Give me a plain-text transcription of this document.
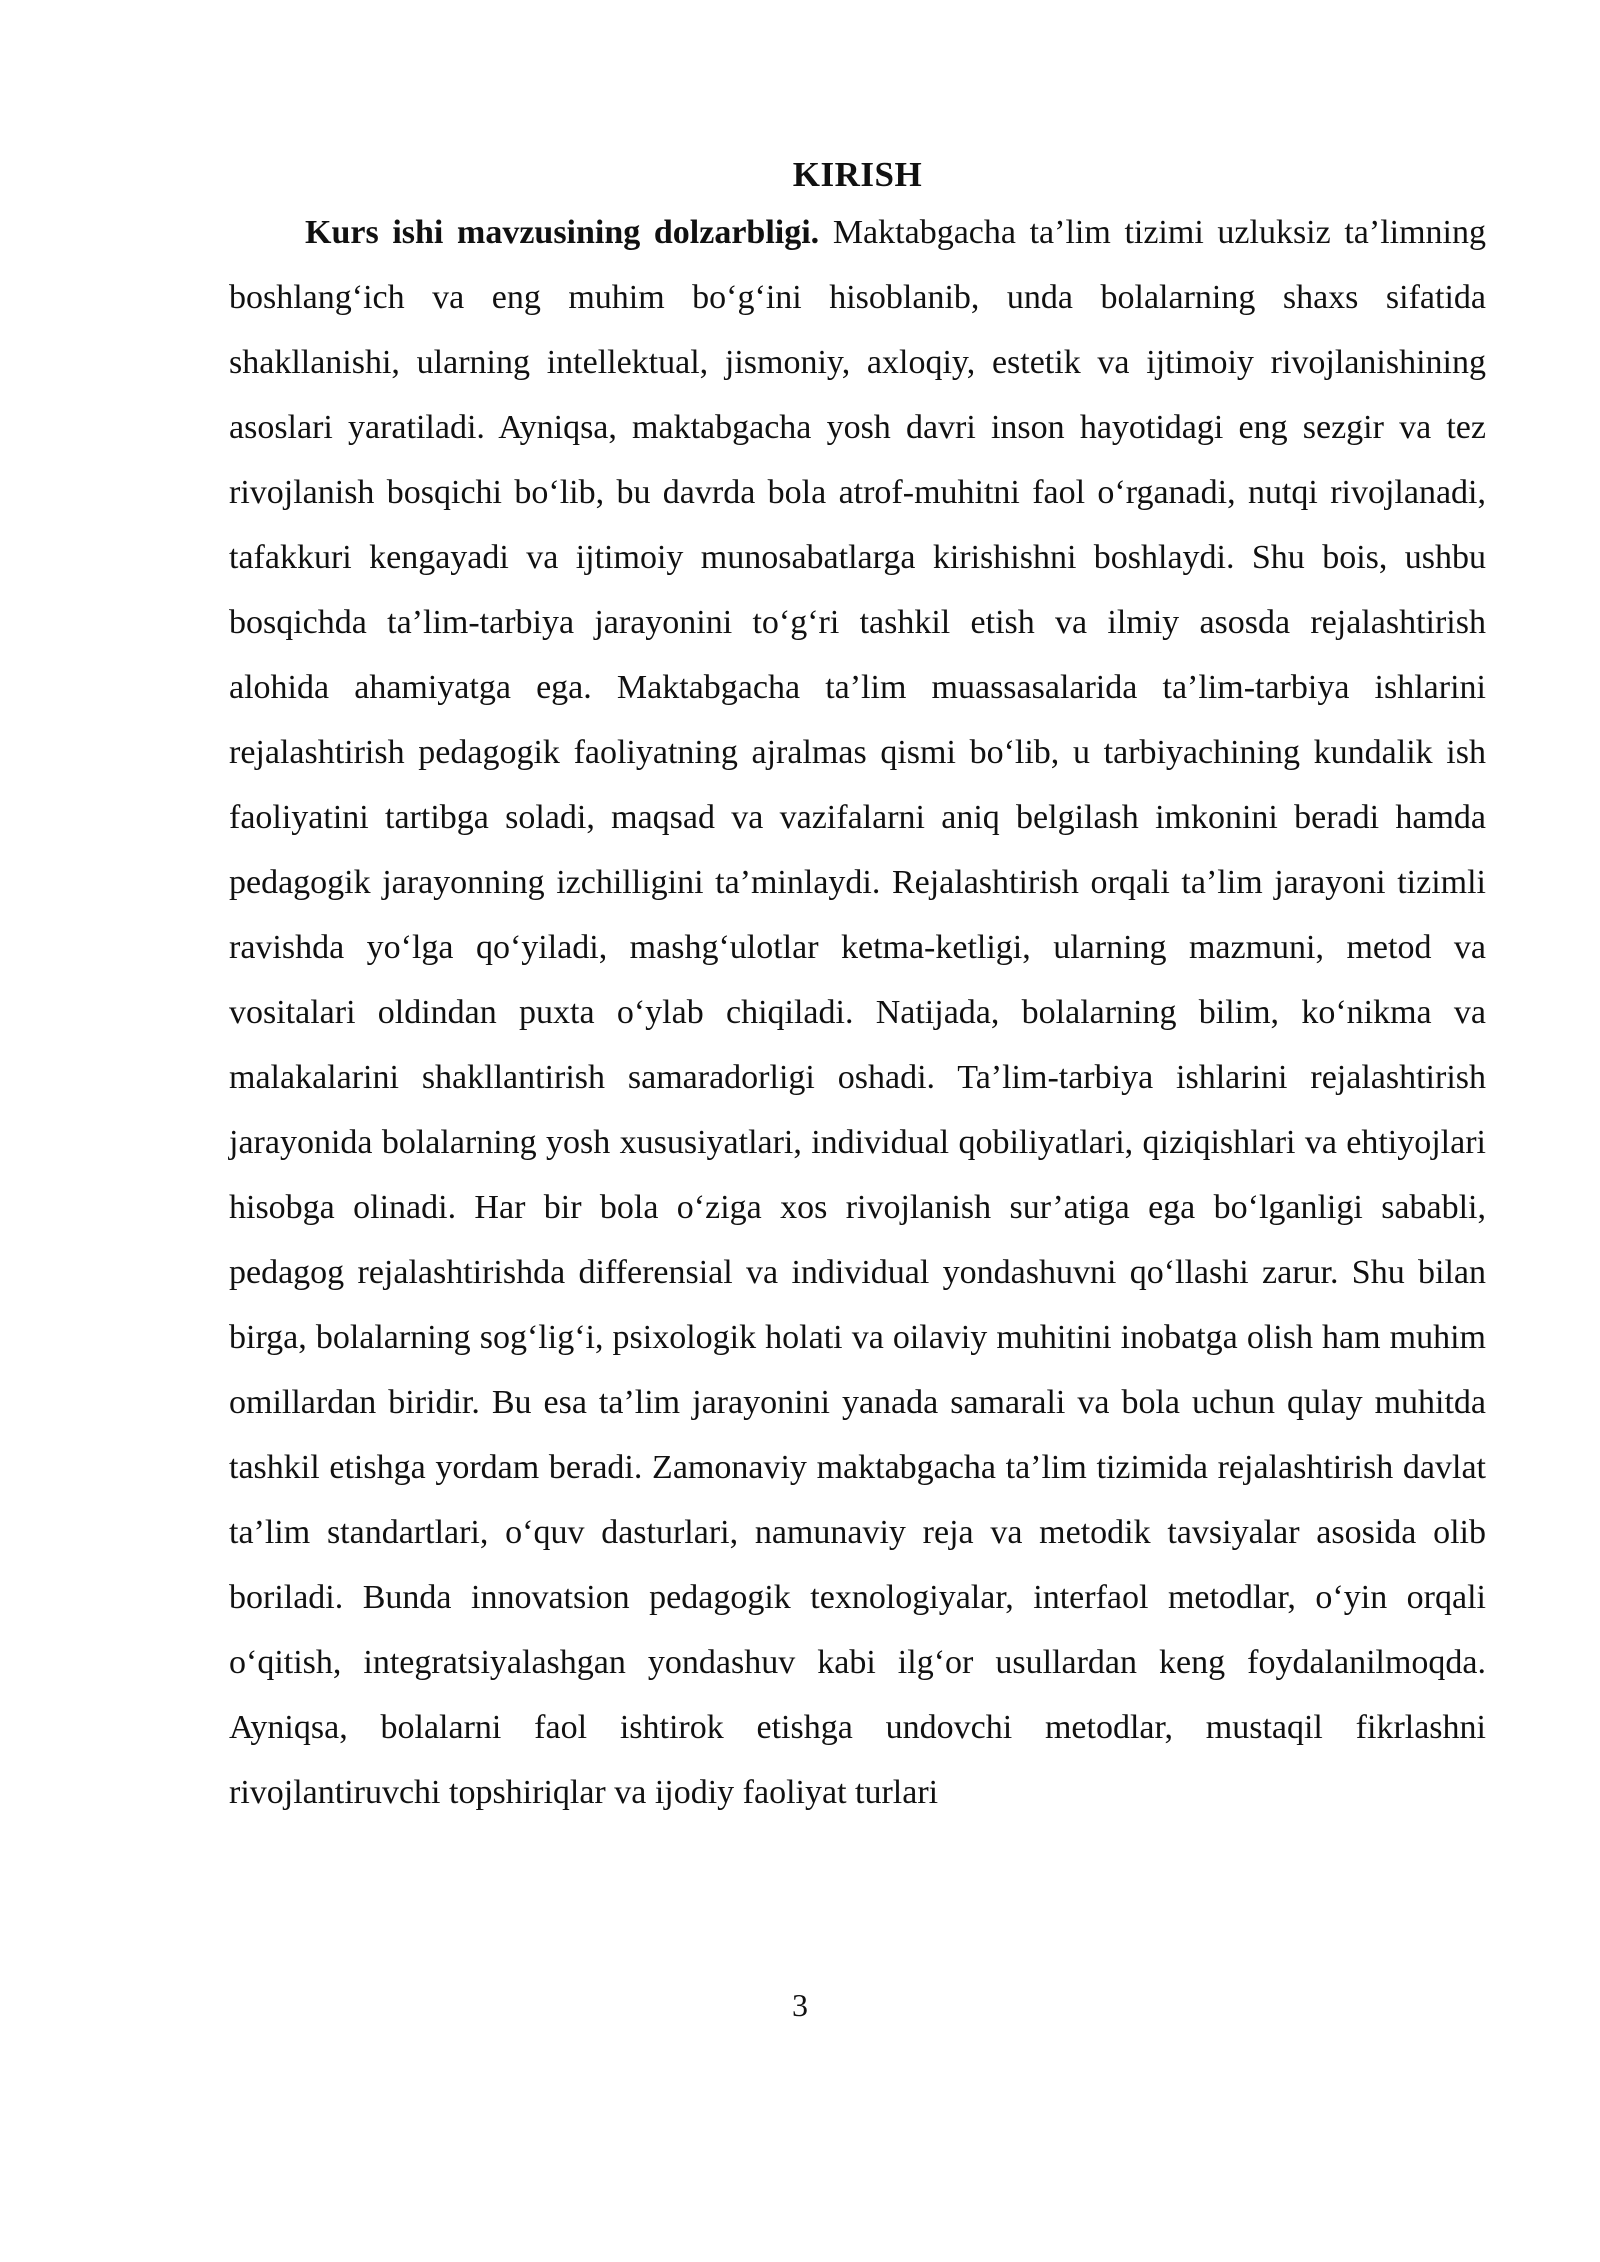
KIRISH

Kurs ishi mavzusining dolzarbligi. Maktabgacha ta’lim tizimi uzluksiz ta’limning boshlang‘ich va eng muhim bo‘g‘ini hisoblanib, unda bolalarning shaxs sifatida shakllanishi, ularning intellektual, jismoniy, axloqiy, estetik va ijtimoiy rivojlanishining asoslari yaratiladi. Ayniqsa, maktabgacha yosh davri inson hayotidagi eng sezgir va tez rivojlanish bosqichi bo‘lib, bu davrda bola atrof-muhitni faol o‘rganadi, nutqi rivojlanadi, tafakkuri kengayadi va ijtimoiy munosabatlarga kirishishni boshlaydi. Shu bois, ushbu bosqichda ta’lim-tarbiya jarayonini to‘g‘ri tashkil etish va ilmiy asosda rejalashtirish alohida ahamiyatga ega. Maktabgacha ta’lim muassasalarida ta’lim-tarbiya ishlarini rejalashtirish pedagogik faoliyatning ajralmas qismi bo‘lib, u tarbiyachining kundalik ish faoliyatini tartibga soladi, maqsad va vazifalarni aniq belgilash imkonini beradi hamda pedagogik jarayonning izchilligini ta’minlaydi. Rejalashtirish orqali ta’lim jarayoni tizimli ravishda yo‘lga qo‘yiladi, mashg‘ulotlar ketma-ketligi, ularning mazmuni, metod va vositalari oldindan puxta o‘ylab chiqiladi. Natijada, bolalarning bilim, ko‘nikma va malakalarini shakllantirish samaradorligi oshadi. Ta’lim-tarbiya ishlarini rejalashtirish jarayonida bolalarning yosh xususiyatlari, individual qobiliyatlari, qiziqishlari va ehtiyojlari hisobga olinadi. Har bir bola o‘ziga xos rivojlanish sur’atiga ega bo‘lganligi sababli, pedagog rejalashtirishda differensial va individual yondashuvni qo‘llashi zarur. Shu bilan birga, bolalarning sog‘lig‘i, psixologik holati va oilaviy muhitini inobatga olish ham muhim omillardan biridir. Bu esa ta’lim jarayonini yanada samarali va bola uchun qulay muhitda tashkil etishga yordam beradi. Zamonaviy maktabgacha ta’lim tizimida rejalashtirish davlat ta’lim standartlari, o‘quv dasturlari, namunaviy reja va metodik tavsiyalar asosida olib boriladi. Bunda innovatsion pedagogik texnologiyalar, interfaol metodlar, o‘yin orqali o‘qitish, integratsiyalashgan yondashuv kabi ilg‘or usullardan keng foydalanilmoqda. Ayniqsa, bolalarni faol ishtirok etishga undovchi metodlar, mustaqil fikrlashni rivojlantiruvchi topshiriqlar va ijodiy faoliyat turlari

3
